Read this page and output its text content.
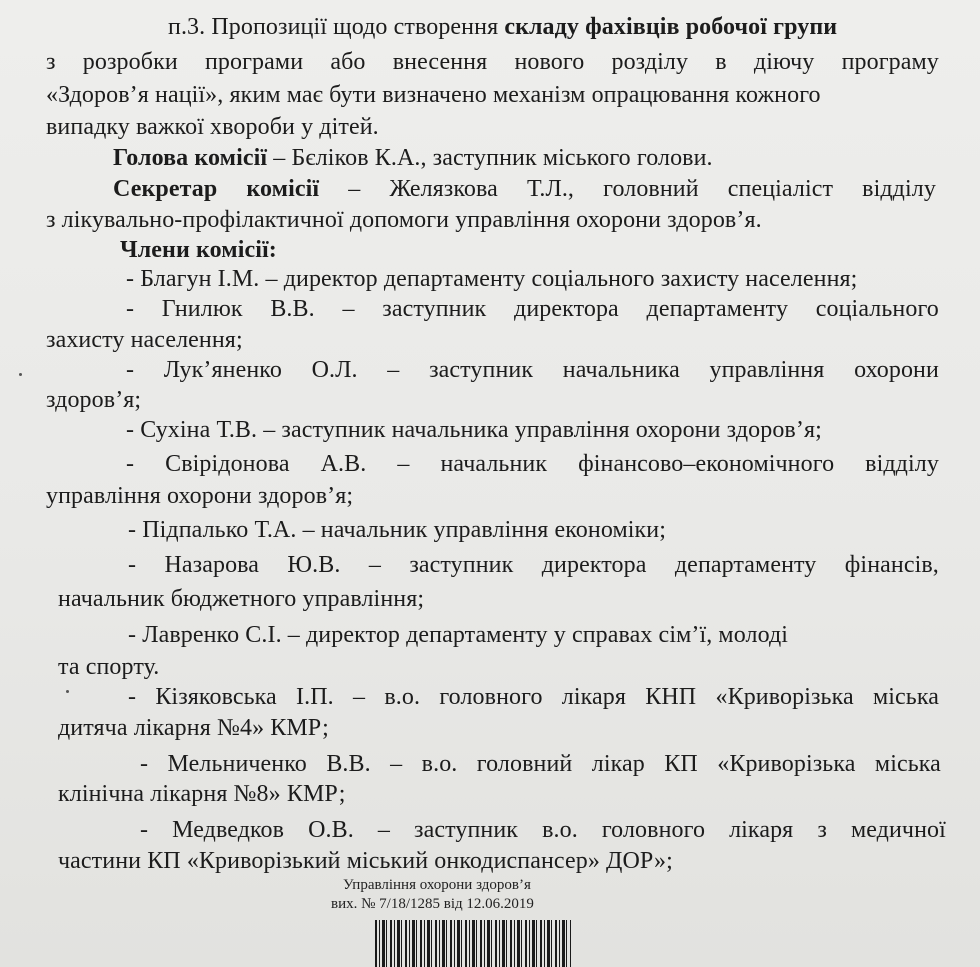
п.3. Пропозиції щодо створення складу фахівців робочої групи
з розробки програми або внесення нового розділу в діючу програму
«Здоров’я нації», яким має бути визначено механізм опрацювання кожного
випадку важкої хвороби у дітей.
Голова комісії – Бєліков К.А., заступник міського голови.
Секретар комісії – Желязкова Т.Л., головний спеціаліст відділу
з лікувально-профілактичної допомоги управління охорони здоров’я.
Члени комісії:
- Благун І.М. – директор департаменту соціального захисту населення;
- Гнилюк В.В. – заступник директора департаменту соціального
захисту населення;
- Лук’яненко О.Л. – заступник начальника управління охорони
здоров’я;
- Сухіна Т.В. – заступник начальника управління охорони здоров’я;
- Свірідонова А.В. – начальник фінансово–економічного відділу
управління охорони здоров’я;
- Підпалько Т.А. – начальник управління економіки;
- Назарова Ю.В. – заступник директора департаменту фінансів,
начальник бюджетного управління;
- Лавренко С.І. – директор департаменту у справах сім’ї, молоді
та спорту.
- Кізяковська І.П. – в.о. головного лікаря КНП «Криворізька міська
дитяча лікарня №4» КМР;
- Мельниченко В.В. – в.о. головний лікар КП «Криворізька міська
клінічна лікарня №8» КМР;
- Медведков О.В. – заступник в.о. головного лікаря з медичної
частини КП «Криворізький міський онкодиспансер» ДОР»;
Управління охорони здоров’я
вих. № 7/18/1285 від 12.06.2019
